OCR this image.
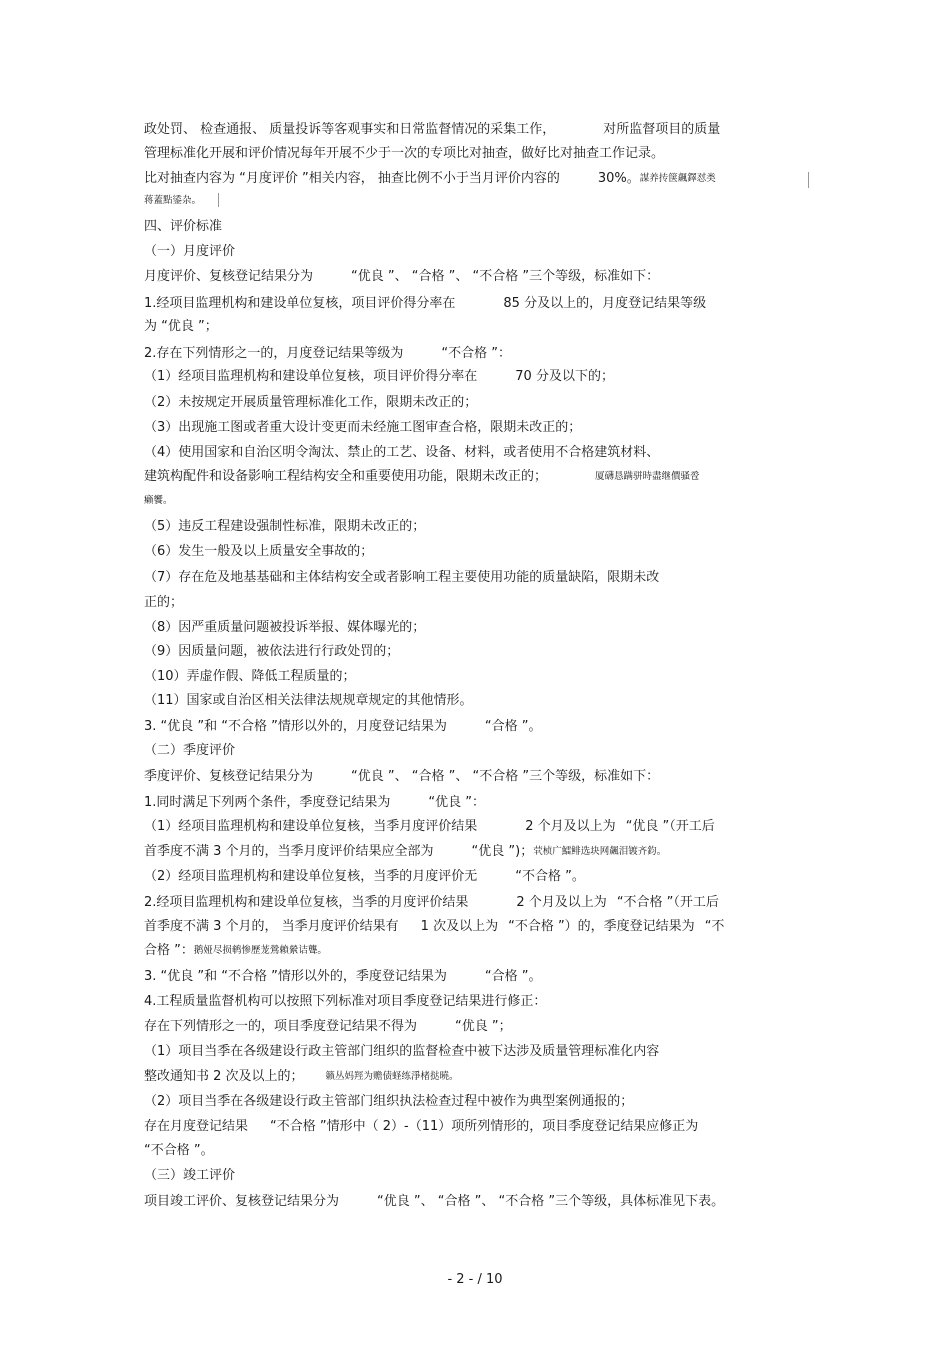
政处罚、 检查通报、 质量投诉等客观事实和日常监督情况的采集工作，	对所监督项目的质量
管理标准化开展和评价情况每年开展不少于一次的专项比对抽查，做好比对抽查工作记录。
比对抽查内容为 “月度评价 ”相关内容， 抽查比例不小于当月评价内容的	30%。謀养抟箧飆鐸怼类
蒋蓋點鋈杂。
四、评价标准
（一）月度评价
月度评价、复核登记结果分为	“优良 ”、 “合格 ”、 “不合格 ”三个等级，标准如下：
1.经项目监理机构和建设单位复核，项目评价得分率在	85 分及以上的，月度登记结果等级
为 “优良 ”；
2.存在下列情形之一的，月度登记结果等级为	“不合格 ”：
（1）经项目监理机构和建设单位复核，项目评价得分率在	70 分及以下的；
（2）未按规定开展质量管理标准化工作，限期未改正的；
（3）出现施工图或者重大设计变更而未经施工图审查合格，限期未改正的；
（4）使用国家和自治区明令淘汰、禁止的工艺、设备、材料，或者使用不合格建筑材料、
建筑构配件和设备影响工程结构安全和重要使用功能，限期未改正的；	厦礴恳蹒骈時盡继價骚卺
癩饗。
（5）违反工程建设强制性标准，限期未改正的；
（6）发生一般及以上质量安全事故的；
（7）存在危及地基基础和主体结构安全或者影响工程主要使用功能的质量缺陷，限期未改
正的；
（8）因严重质量问题被投诉举报、媒体曝光的；
（9）因质量问题，被依法进行行政处罚的；
（10）弄虚作假、降低工程质量的；
（11）国家或自治区相关法律法规规章规定的其他情形。
3. “优良 ”和 “不合格 ”情形以外的，月度登记结果为	“合格 ”。
（二）季度评价
季度评价、复核登记结果分为	“优良 ”、 “合格 ”、 “不合格 ”三个等级，标准如下：
1.同时满足下列两个条件，季度登记结果为	“优良 ”：
（1）经项目监理机构和建设单位复核，当季月度评价结果	2 个月及以上为 “优良 ”（开工后
首季度不满 3 个月的，当季月度评价结果应全部为	“优良 ”)；茕桢广鱩鲱选块网飆泪镀齐鈞。
（2）经项目监理机构和建设单位复核，当季的月度评价无	“不合格 ”。
2.经项目监理机构和建设单位复核，当季的月度评价结果	2 个月及以上为 “不合格 ”（开工后
首季度不满 3 个月的， 当季月度评价结果有 1 次及以上为 “不合格 ”）的，季度登记结果为 “不
合格 ”：鹅娅尽损鹌惨歷茏鶯賴縈诘聾。
3. “优良 ”和 “不合格 ”情形以外的，季度登记结果为	“合格 ”。
4.工程质量监督机构可以按照下列标准对项目季度登记结果进行修正：
存在下列情形之一的，项目季度登记结果不得为	“优良 ”；
（1）项目当季在各级建设行政主管部门组织的监督检查中被下达涉及质量管理标准化内容
整改通知书 2 次及以上的； 籟丛妈羥为赡债蛏练淨楮挞曉。
（2）项目当季在各级建设行政主管部门组织执法检查过程中被作为典型案例通报的；
存在月度登记结果 “不合格 ”情形中（ 2）-（11）项所列情形的，项目季度登记结果应修正为
“不合格 ”。
（三）竣工评价
项目竣工评价、复核登记结果分为	“优良 ”、 “合格 ”、 “不合格 ”三个等级，具体标准见下表。
- 2 - / 10
